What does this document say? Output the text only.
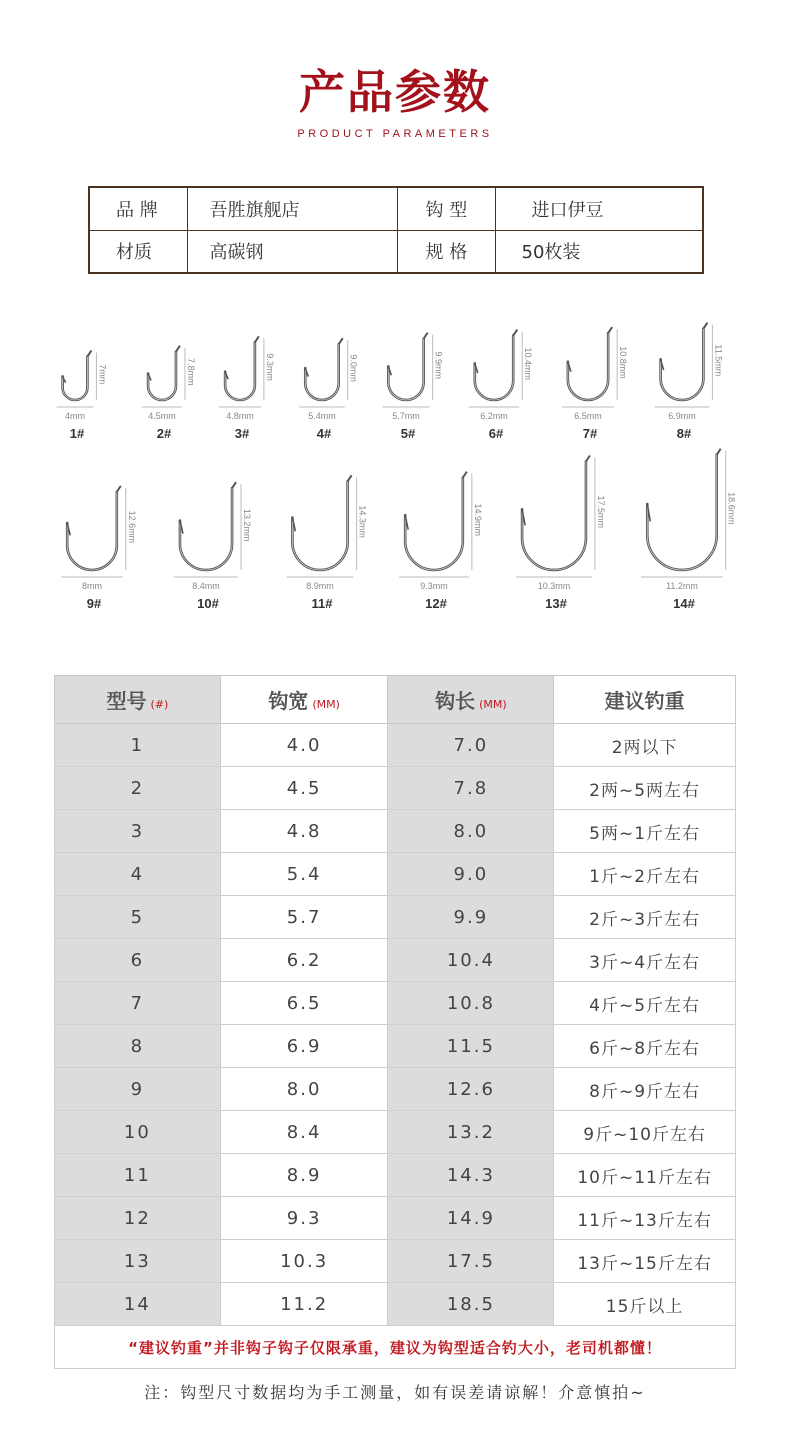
产品参数
PRODUCT PARAMETERS
品 牌	吾胜旗舰店	钩 型	进口伊豆
材质	高碳钢	规 格	50枚装
7mm
4mm
1#
7.8mm
4.5mm
2#
9.3mm
4.8mm
3#
9.0mm
5.4mm
4#
9.9mm
5.7mm
5#
10.4mm
6.2mm
6#
10.8mm
6.5mm
7#
11.5mm
6.9mm
8#
12.6mm
8mm
9#
13.2mm
8.4mm
10#
14.3mm
8.9mm
11#
14.9mm
9.3mm
12#
17.5mm
10.3mm
13#
18.6mm
11.2mm
14#
型号 (#)	钩宽 (MM)	钩长 (MM)	建议钓重
1	4.0	7.0	2两以下
2	4.5	7.8	2两~5两左右
3	4.8	8.0	5两~1斤左右
4	5.4	9.0	1斤~2斤左右
5	5.7	9.9	2斤~3斤左右
6	6.2	10.4	3斤~4斤左右
7	6.5	10.8	4斤~5斤左右
8	6.9	11.5	6斤~8斤左右
9	8.0	12.6	8斤~9斤左右
10	8.4	13.2	9斤~10斤左右
11	8.9	14.3	10斤~11斤左右
12	9.3	14.9	11斤~13斤左右
13	10.3	17.5	13斤~15斤左右
14	11.2	18.5	15斤以上
“建议钓重”并非钩子钩子仅限承重，建议为钩型适合钓大小，老司机都懂！			
注：钩型尺寸数据均为手工测量，如有误差请谅解！介意慎拍~
